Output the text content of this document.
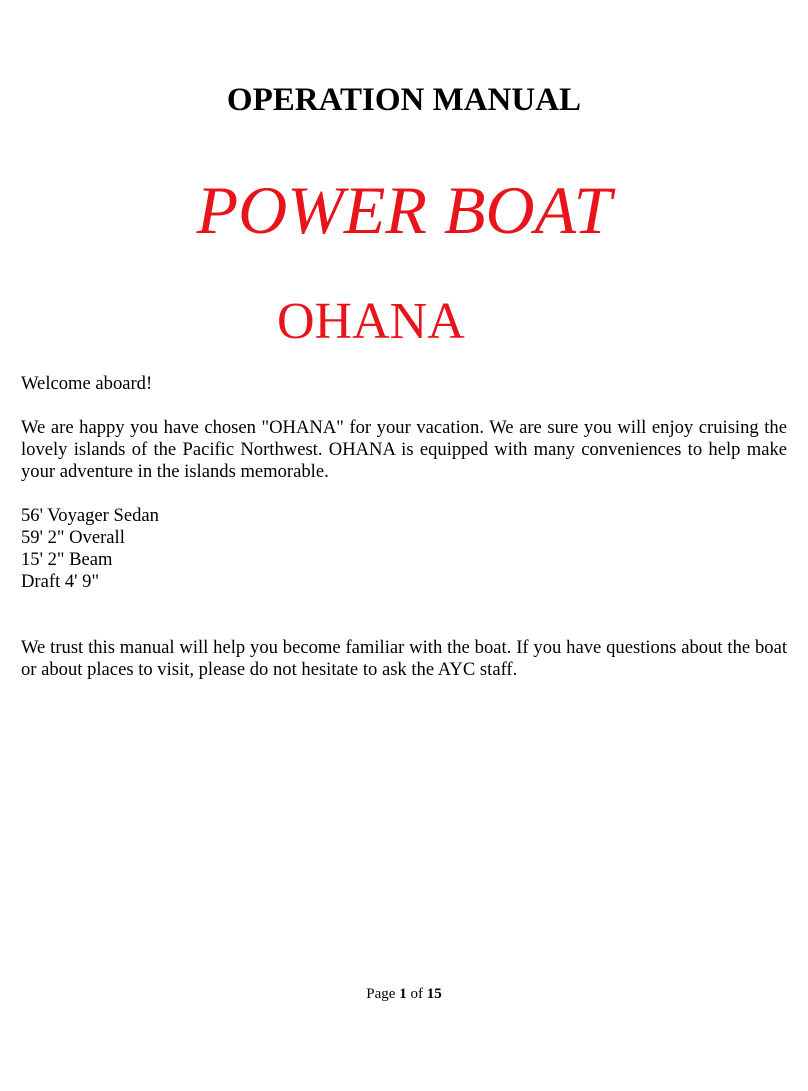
OPERATION MANUAL
POWER BOAT
OHANA

Welcome aboard!

We are happy you have chosen "OHANA" for your vacation. We are sure you will enjoy cruising the lovely islands of the Pacific Northwest. OHANA is equipped with many conveniences to help make your adventure in the islands memorable.

56' Voyager Sedan

59' 2" Overall

15' 2" Beam

Draft 4' 9"

We trust this manual will help you become familiar with the boat. If you have questions about the boat or about places to visit, please do not hesitate to ask the AYC staff.

Page 1 of 15
